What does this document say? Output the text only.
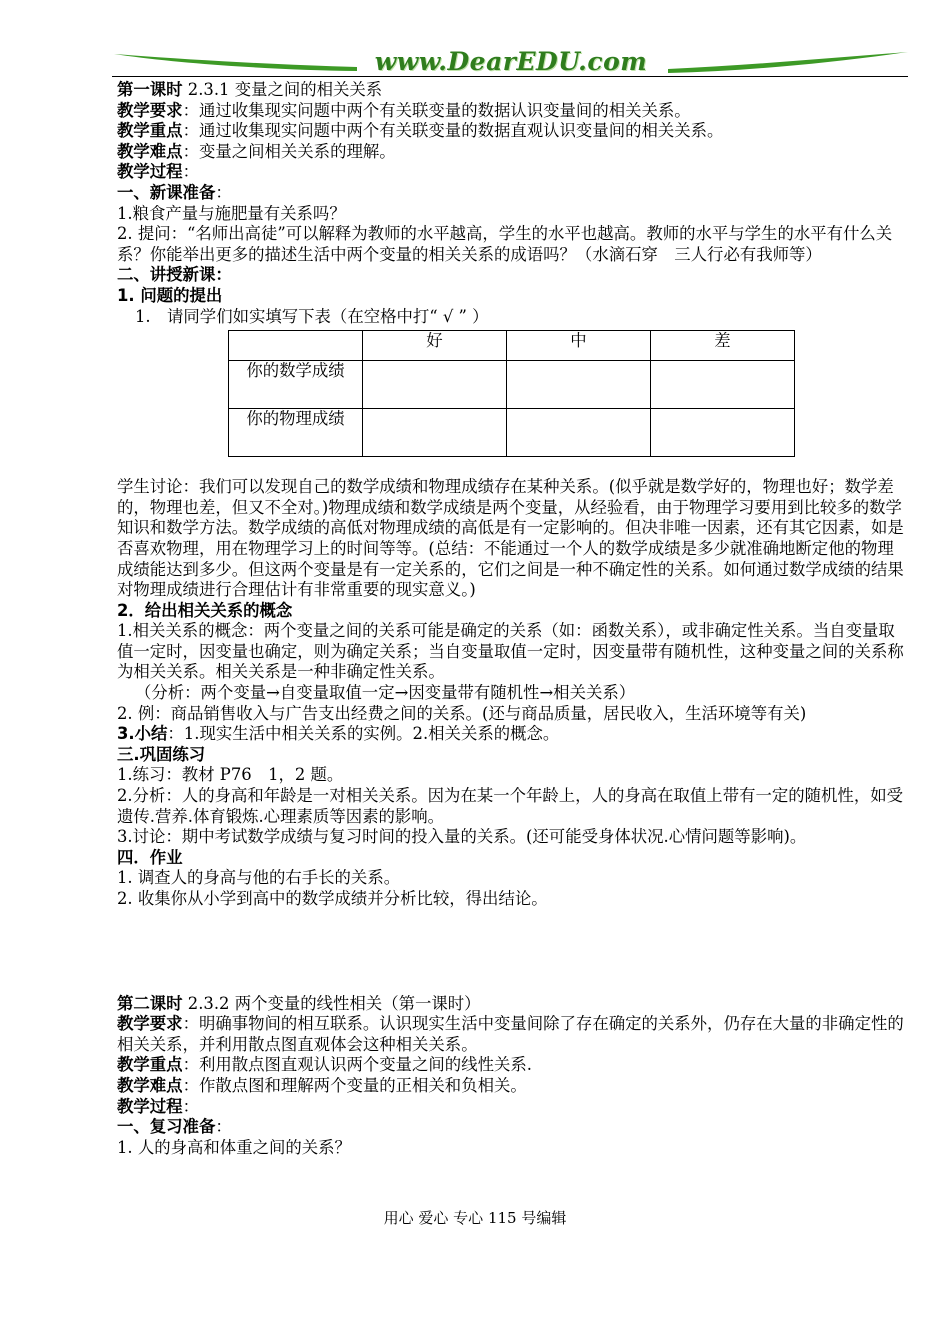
www.DearEDU.com

第一课时 2.3.1 变量之间的相关关系

教学要求：通过收集现实问题中两个有关联变量的数据认识变量间的相关关系。

教学重点：通过收集现实问题中两个有关联变量的数据直观认识变量间的相关关系。

教学难点：变量之间相关关系的理解。

教学过程：

一、新课准备：

1.粮食产量与施肥量有关系吗？

2. 提问：“名师出高徒”可以解释为教师的水平越高，学生的水平也越高。教师的水平与学生的水平有什么关系？你能举出更多的描述生活中两个变量的相关关系的成语吗？（水滴石穿　三人行必有我师等）

二、讲授新课：

1. 问题的提出

1.　请同学们如实填写下表（在空格中打“ √ ” ）

	好	中	差
你的数学成绩			
你的物理成绩			

学生讨论：我们可以发现自己的数学成绩和物理成绩存在某种关系。(似乎就是数学好的，物理也好；数学差的，物理也差，但又不全对。)物理成绩和数学成绩是两个变量，从经验看，由于物理学习要用到比较多的数学知识和数学方法。数学成绩的高低对物理成绩的高低是有一定影响的。但决非唯一因素，还有其它因素，如是否喜欢物理，用在物理学习上的时间等等。(总结：不能通过一个人的数学成绩是多少就准确地断定他的物理成绩能达到多少。但这两个变量是有一定关系的，它们之间是一种不确定性的关系。如何通过数学成绩的结果对物理成绩进行合理估计有非常重要的现实意义。)

2．给出相关关系的概念

1.相关关系的概念：两个变量之间的关系可能是确定的关系（如：函数关系），或非确定性关系。当自变量取值一定时，因变量也确定，则为确定关系；当自变量取值一定时，因变量带有随机性，这种变量之间的关系称为相关关系。相关关系是一种非确定性关系。

（分析：两个变量→自变量取值一定→因变量带有随机性→相关关系）

2. 例：商品销售收入与广告支出经费之间的关系。(还与商品质量，居民收入，生活环境等有关)

3.小结：1.现实生活中相关关系的实例。2.相关关系的概念。

三.巩固练习

1.练习：教材 P76　1，2 题。

2.分析：人的身高和年龄是一对相关关系。因为在某一个年龄上，人的身高在取值上带有一定的随机性，如受遗传.营养.体育锻炼.心理素质等因素的影响。

3.讨论：期中考试数学成绩与复习时间的投入量的关系。(还可能受身体状况.心情问题等影响)。

四．作业

1. 调查人的身高与他的右手长的关系。

2. 收集你从小学到高中的数学成绩并分析比较，得出结论。

第二课时 2.3.2 两个变量的线性相关（第一课时）

教学要求：明确事物间的相互联系。认识现实生活中变量间除了存在确定的关系外，仍存在大量的非确定性的相关关系，并利用散点图直观体会这种相关关系。

教学重点：利用散点图直观认识两个变量之间的线性关系.

教学难点：作散点图和理解两个变量的正相关和负相关。

教学过程：

一、复习准备：

1. 人的身高和体重之间的关系？

用心 爱心 专心 115 号编辑
